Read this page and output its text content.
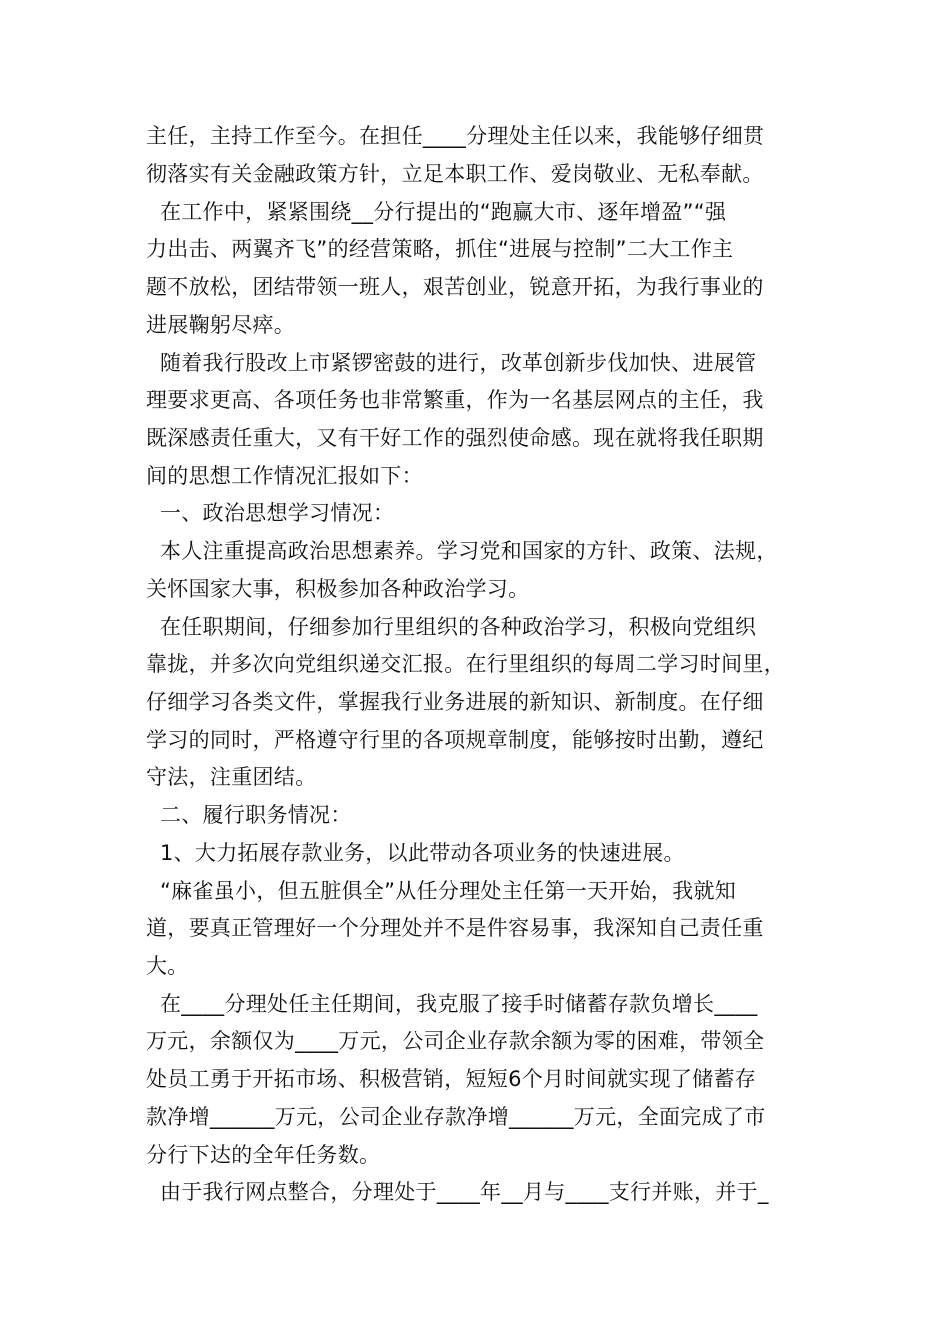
主任，主持工作至今。在担任____分理处主任以来，我能够仔细贯
彻落实有关金融政策方针，立足本职工作、爱岗敬业、无私奉献。
在工作中，紧紧围绕__分行提出的“跑赢大市、逐年增盈”“强
力出击、两翼齐飞”的经营策略，抓住“进展与控制”二大工作主
题不放松，团结带领一班人，艰苦创业，锐意开拓，为我行事业的
进展鞠躬尽瘁。
随着我行股改上市紧锣密鼓的进行，改革创新步伐加快、进展管
理要求更高、各项任务也非常繁重，作为一名基层网点的主任，我
既深感责任重大，又有干好工作的强烈使命感。现在就将我任职期
间的思想工作情况汇报如下：
一、政治思想学习情况：
本人注重提高政治思想素养。学习党和国家的方针、政策、法规，
关怀国家大事，积极参加各种政治学习。
在任职期间，仔细参加行里组织的各种政治学习，积极向党组织
靠拢，并多次向党组织递交汇报。在行里组织的每周二学习时间里，
仔细学习各类文件，掌握我行业务进展的新知识、新制度。在仔细
学习的同时，严格遵守行里的各项规章制度，能够按时出勤，遵纪
守法，注重团结。
二、履行职务情况：
1、大力拓展存款业务，以此带动各项业务的快速进展。
“麻雀虽小，但五脏俱全”从任分理处主任第一天开始，我就知
道，要真正管理好一个分理处并不是件容易事，我深知自己责任重
大。
在____分理处任主任期间，我克服了接手时储蓄存款负增长____
万元，余额仅为____万元，公司企业存款余额为零的困难，带领全
处员工勇于开拓市场、积极营销，短短6个月时间就实现了储蓄存
款净增______万元，公司企业存款净增______万元，全面完成了市
分行下达的全年任务数。
由于我行网点整合，分理处于____年__月与____支行并账，并于_
